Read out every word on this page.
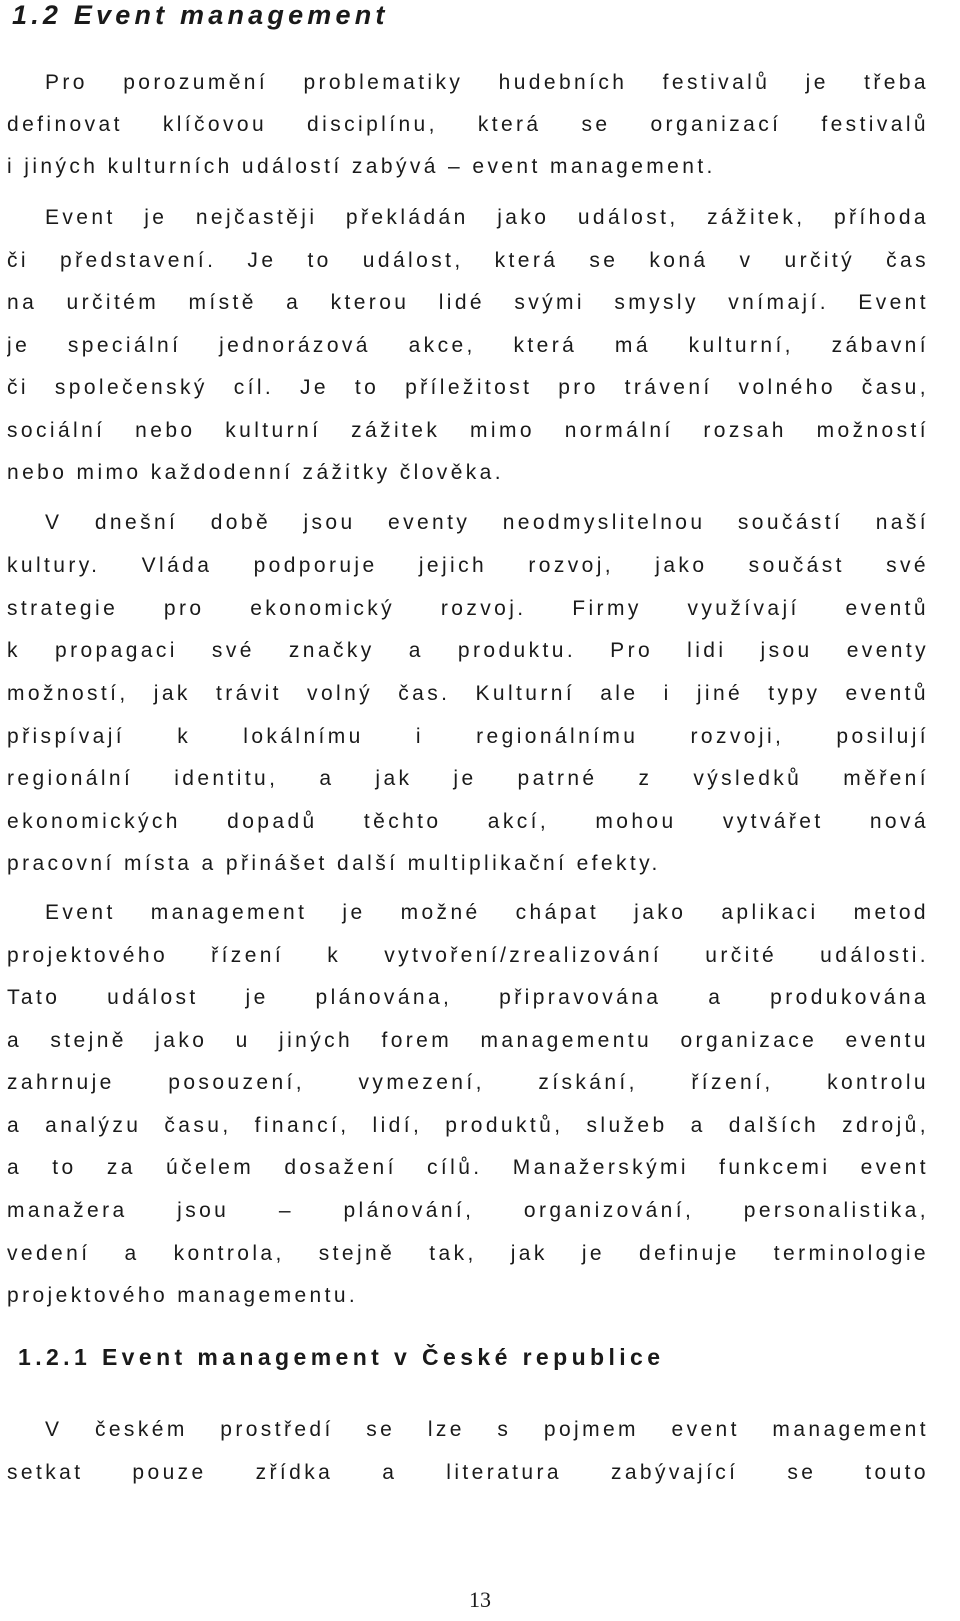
1.2 Event management
Pro porozumění problematiky hudebních festivalů je třeba
definovat klíčovou disciplínu, která se organizací festivalů
i jiných kulturních událostí zabývá – event management.
Event je nejčastěji překládán jako událost, zážitek, příhoda
či představení. Je to událost, která se koná v určitý čas
na určitém místě a kterou lidé svými smysly vnímají. Event
je speciální jednorázová akce, která má kulturní, zábavní
či společenský cíl. Je to příležitost pro trávení volného času,
sociální nebo kulturní zážitek mimo normální rozsah možností
nebo mimo každodenní zážitky člověka.
V dnešní době jsou eventy neodmyslitelnou součástí naší
kultury. Vláda podporuje jejich rozvoj, jako součást své
strategie pro ekonomický rozvoj. Firmy využívají eventů
k propagaci své značky a produktu. Pro lidi jsou eventy
možností, jak trávit volný čas. Kulturní ale i jiné typy eventů
přispívají k lokálnímu i regionálnímu rozvoji, posilují
regionální identitu, a jak je patrné z výsledků měření
ekonomických dopadů těchto akcí, mohou vytvářet nová
pracovní místa a přinášet další multiplikační efekty.
Event management je možné chápat jako aplikaci metod
projektového řízení k vytvoření/zrealizování určité události.
Tato událost je plánována, připravována a produkována
a stejně jako u jiných forem managementu organizace eventu
zahrnuje posouzení, vymezení, získání, řízení, kontrolu
a analýzu času, financí, lidí, produktů, služeb a dalších zdrojů,
a to za účelem dosažení cílů. Manažerskými funkcemi event
manažera jsou – plánování, organizování, personalistika,
vedení a kontrola, stejně tak, jak je definuje terminologie
projektového managementu.
1.2.1 Event management v České republice
V českém prostředí se lze s pojmem event management
setkat pouze zřídka a literatura zabývající se touto
13
